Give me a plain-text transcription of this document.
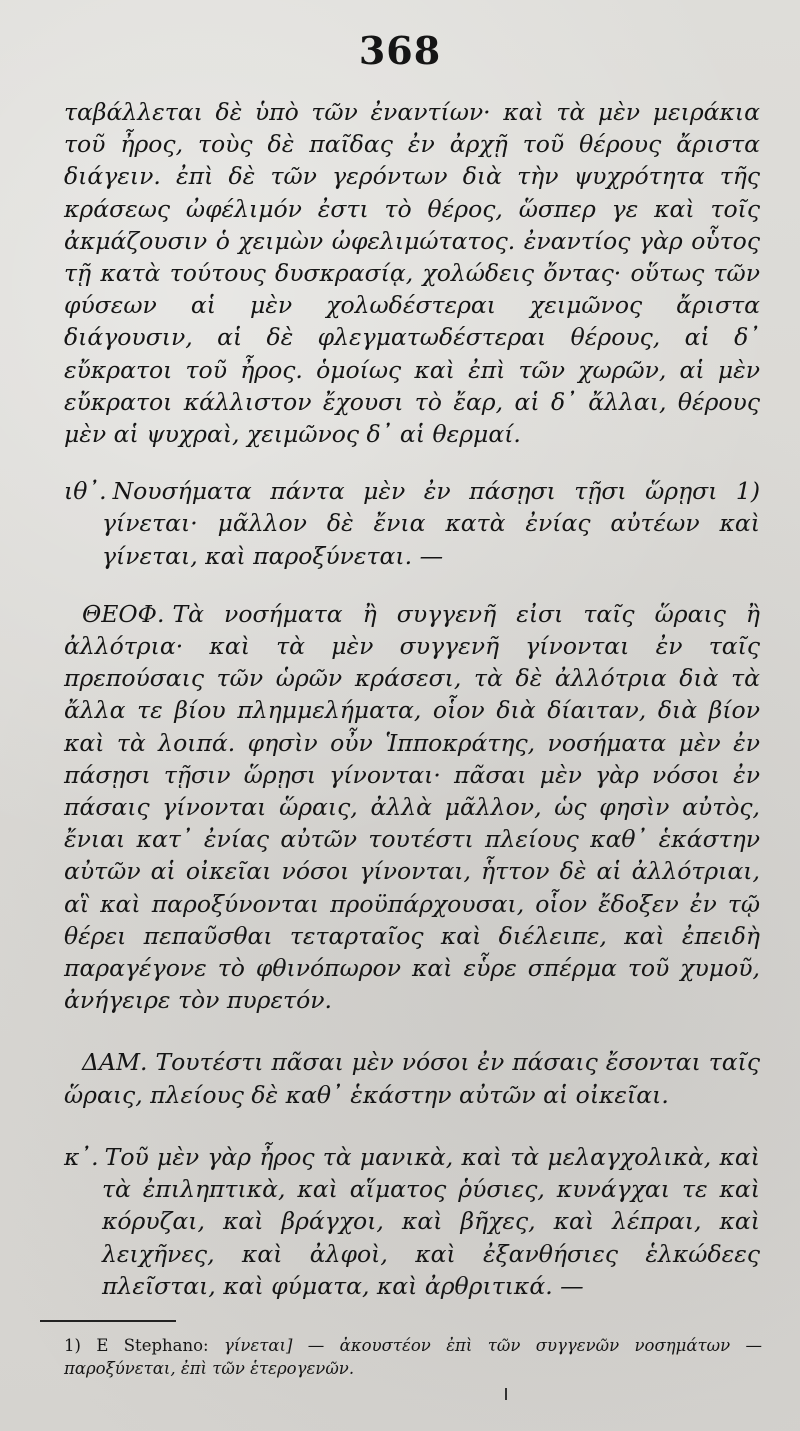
368

ταβάλλεται δὲ ὑπὸ τῶν ἐναντίων· καὶ τὰ μὲν μειράκια τοῦ ἦρος, τοὺς δὲ παῖδας ἐν ἀρχῇ τοῦ θέρους ἄριστα διάγειν. ἐπὶ δὲ τῶν γερόντων διὰ τὴν ψυχρότητα τῆς κράσεως ὠφέλιμόν ἐστι τὸ θέρος, ὥσπερ γε καὶ τοῖς ἀκμάζουσιν ὁ χειμὼν ὠφελιμώτατος. ἐναντίος γὰρ οὗτος τῇ κατὰ τούτους δυσκρασίᾳ, χολώδεις ὄντας· οὕτως τῶν φύσεων αἱ μὲν χολωδέστεραι χειμῶνος ἄριστα διάγουσιν, αἱ δὲ φλεγματωδέστεραι θέρους, αἱ δ᾽ εὔκρατοι τοῦ ἦρος. ὁμοίως καὶ ἐπὶ τῶν χωρῶν, αἱ μὲν εὔκρατοι κάλλιστον ἔχουσι τὸ ἔαρ, αἱ δ᾽ ἄλλαι, θέρους μὲν αἱ ψυχραὶ, χειμῶνος δ᾽ αἱ θερμαί.

ιθ᾽. Νουσήματα πάντα μὲν ἐν πάσῃσι τῇσι ὥρῃσι 1) γίνεται· μᾶλλον δὲ ἔνια κατὰ ἐνίας αὐτέων καὶ γίνεται, καὶ παροξύνεται. —

ΘΕΟΦ. Τὰ νοσήματα ἢ συγγενῆ εἰσι ταῖς ὥραις ἢ ἀλλότρια· καὶ τὰ μὲν συγγενῆ γίνονται ἐν ταῖς πρεπούσαις τῶν ὡρῶν κράσεσι, τὰ δὲ ἀλλότρια διὰ τὰ ἄλλα τε βίου πλημμελήματα, οἷον διὰ δίαιταν, διὰ βίον καὶ τὰ λοιπά. φησὶν οὖν Ἱπποκράτης, νοσήματα μὲν ἐν πάσῃσι τῇσιν ὥρῃσι γίνονται· πᾶσαι μὲν γὰρ νόσοι ἐν πάσαις γίνονται ὥραις, ἀλλὰ μᾶλλον, ὡς φησὶν αὐτὸς, ἔνιαι κατ᾽ ἐνίας αὐτῶν τουτέστι πλείους καθ᾽ ἑκάστην αὐτῶν αἱ οἰκεῖαι νόσοι γίνονται, ἧττον δὲ αἱ ἀλλότριαι, αἳ καὶ παροξύνονται προϋπάρχουσαι, οἷον ἔδοξεν ἐν τῷ θέρει πεπαῦσθαι τεταρταῖος καὶ διέλειπε, καὶ ἐπειδὴ παραγέγονε τὸ φθινόπωρον καὶ εὗρε σπέρμα τοῦ χυμοῦ, ἀνήγειρε τὸν πυρετόν.

ΔΑΜ. Τουτέστι πᾶσαι μὲν νόσοι ἐν πάσαις ἔσονται ταῖς ὥραις, πλείους δὲ καθ᾽ ἑκάστην αὐτῶν αἱ οἰκεῖαι.

κ᾽. Τοῦ μὲν γὰρ ἦρος τὰ μανικὰ, καὶ τὰ μελαγχολικὰ, καὶ τὰ ἐπιληπτικὰ, καὶ αἵματος ῥύσιες, κυνάγχαι τε καὶ κόρυζαι, καὶ βράγχοι, καὶ βῆχες, καὶ λέπραι, καὶ λειχῆνες, καὶ ἀλφοὶ, καὶ ἐξανθήσιες ἑλκώδεες πλεῖσται, καὶ φύματα, καὶ ἀρθριτικά. —

1) E Stephano: γίνεται] — ἀκουστέον ἐπὶ τῶν συγγενῶν νοσημάτων — παροξύνεται, ἐπὶ τῶν ἑτερογενῶν.
